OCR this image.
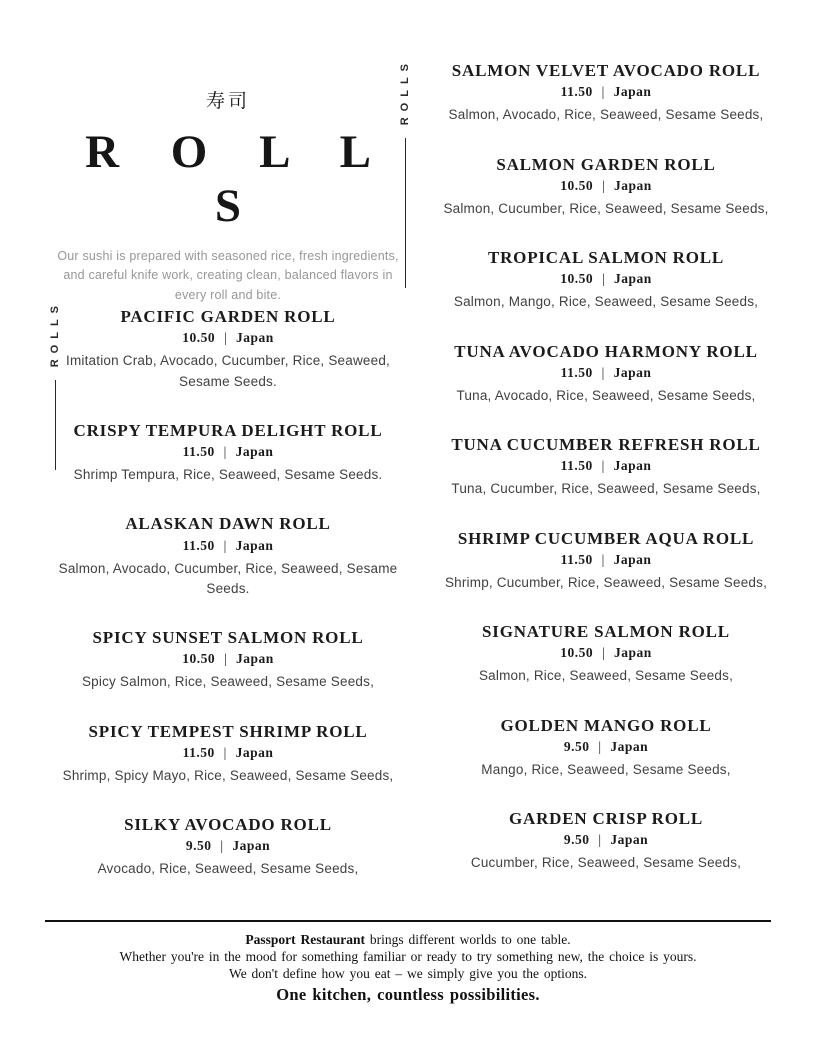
寿司
R O L L S
Our sushi is prepared with seasoned rice, fresh ingredients, and careful knife work, creating clean, balanced flavors in every roll and bite.
ROLLS
ROLLS	PACIFIC GARDEN ROLL
10.50 | Japan
Imitation Crab, Avocado, Cucumber, Rice, Seaweed, Sesame Seeds.
CRISPY TEMPURA DELIGHT ROLL
11.50 | Japan
Shrimp Tempura, Rice, Seaweed, Sesame Seeds.
ALASKAN DAWN ROLL
11.50 | Japan
Salmon, Avocado, Cucumber, Rice, Seaweed, Sesame Seeds.
SPICY SUNSET SALMON ROLL
10.50 | Japan
Spicy Salmon, Rice, Seaweed, Sesame Seeds,
SPICY TEMPEST SHRIMP ROLL
11.50 | Japan
Shrimp, Spicy Mayo, Rice, Seaweed, Sesame Seeds,
SILKY AVOCADO ROLL
9.50 | Japan
Avocado, Rice, Seaweed, Sesame Seeds,
SALMON VELVET AVOCADO ROLL
11.50 | Japan
Salmon, Avocado, Rice, Seaweed, Sesame Seeds,
SALMON GARDEN ROLL
10.50 | Japan
Salmon, Cucumber, Rice, Seaweed, Sesame Seeds,
TROPICAL SALMON ROLL
10.50 | Japan
Salmon, Mango, Rice, Seaweed, Sesame Seeds,
TUNA AVOCADO HARMONY ROLL
11.50 | Japan
Tuna, Avocado, Rice, Seaweed, Sesame Seeds,
TUNA CUCUMBER REFRESH ROLL
11.50 | Japan
Tuna, Cucumber, Rice, Seaweed, Sesame Seeds,
SHRIMP CUCUMBER AQUA ROLL
11.50 | Japan
Shrimp, Cucumber, Rice, Seaweed, Sesame Seeds,
SIGNATURE SALMON ROLL
10.50 | Japan
Salmon, Rice, Seaweed, Sesame Seeds,
GOLDEN MANGO ROLL
9.50 | Japan
Mango, Rice, Seaweed, Sesame Seeds,
GARDEN CRISP ROLL
9.50 | Japan
Cucumber, Rice, Seaweed, Sesame Seeds,
Passport Restaurant brings different worlds to one table.
Whether you're in the mood for something familiar or ready to try something new, the choice is yours.
We don't define how you eat – we simply give you the options.
One kitchen, countless possibilities.
